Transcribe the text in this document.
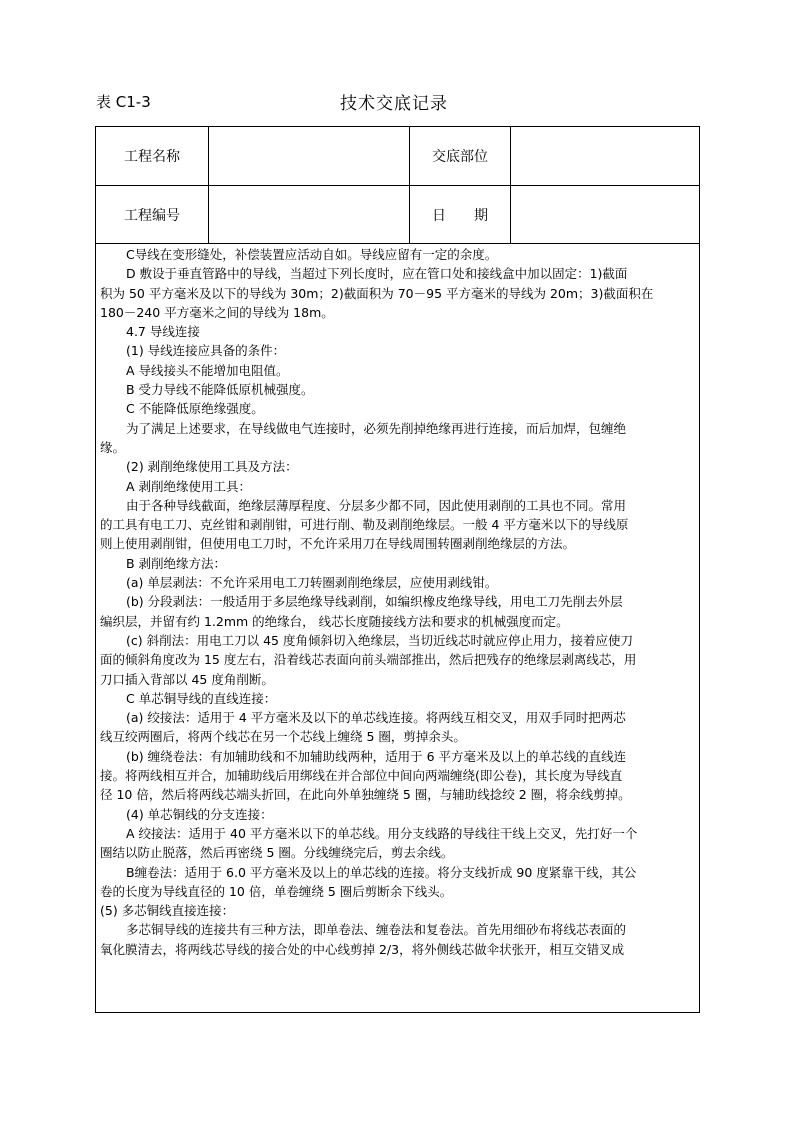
表 C1-3	技术交底记录
工程名称	交底部位
工程编号	日　　期

C导线在变形缝处，补偿装置应活动自如。导线应留有一定的余度。

D 敷设于垂直管路中的导线，当超过下列长度时，应在管口处和接线盒中加以固定：1)截面

积为 50 平方毫米及以下的导线为 30m；2)截面积为 70－95 平方毫米的导线为 20m；3)截面积在

180－240 平方毫米之间的导线为 18m。

4.7 导线连接

(1) 导线连接应具备的条件：

A 导线接头不能增加电阻值。

B 受力导线不能降低原机械强度。

C 不能降低原绝缘强度。

为了满足上述要求，在导线做电气连接时，必须先削掉绝缘再进行连接，而后加焊，包缠绝

缘。

(2) 剥削绝缘使用工具及方法：

A 剥削绝缘使用工具：

由于各种导线截面，绝缘层薄厚程度、分层多少都不同，因此使用剥削的工具也不同。常用

的工具有电工刀、克丝钳和剥削钳，可进行削、勒及剥削绝缘层。一般 4 平方毫米以下的导线原

则上使用剥削钳，但使用电工刀时，不允许采用刀在导线周围转圈剥削绝缘层的方法。

B 剥削绝缘方法：

(a) 单层剥法：不允许采用电工刀转圈剥削绝缘层，应使用剥线钳。

(b) 分段剥法：一般适用于多层绝缘导线剥削，如编织橡皮绝缘导线，用电工刀先削去外层

编织层，并留有约 1.2mm 的绝缘台， 线芯长度随接线方法和要求的机械强度而定。

(c) 斜削法：用电工刀以 45 度角倾斜切入绝缘层，当切近线芯时就应停止用力，接着应使刀

面的倾斜角度改为 15 度左右，沿着线芯表面向前头端部推出，然后把残存的绝缘层剥离线芯，用

刀口插入背部以 45 度角削断。

C 单芯铜导线的直线连接：

(a) 绞接法：适用于 4 平方毫米及以下的单芯线连接。将两线互相交叉，用双手同时把两芯

线互绞两圈后，将两个线芯在另一个芯线上缠绕 5 圈，剪掉余头。

(b) 缠绕卷法：有加辅助线和不加辅助线两种，适用于 6 平方毫米及以上的单芯线的直线连

接。将两线相互并合，加辅助线后用绑线在并合部位中间向两端缠绕(即公卷)，其长度为导线直

径 10 倍，然后将两线芯端头折回，在此向外单独缠绕 5 圈，与辅助线捻绞 2 圈，将余线剪掉。

(4) 单芯铜线的分支连接：

A 绞接法：适用于 40 平方毫米以下的单芯线。用分支线路的导线往干线上交叉，先打好一个

圈结以防止脱落，然后再密绕 5 圈。分线缠绕完后，剪去余线。

B缠卷法：适用于 6.0 平方毫米及以上的单芯线的连接。将分支线折成 90 度紧靠干线，其公

卷的长度为导线直径的 10 倍，单卷缠绕 5 圈后剪断余下线头。

(5) 多芯铜线直接连接：

多芯铜导线的连接共有三种方法，即单卷法、缠卷法和复卷法。首先用细砂布将线芯表面的

氧化膜清去，将两线芯导线的接合处的中心线剪掉 2/3，将外侧线芯做伞状张开，相互交错叉成
